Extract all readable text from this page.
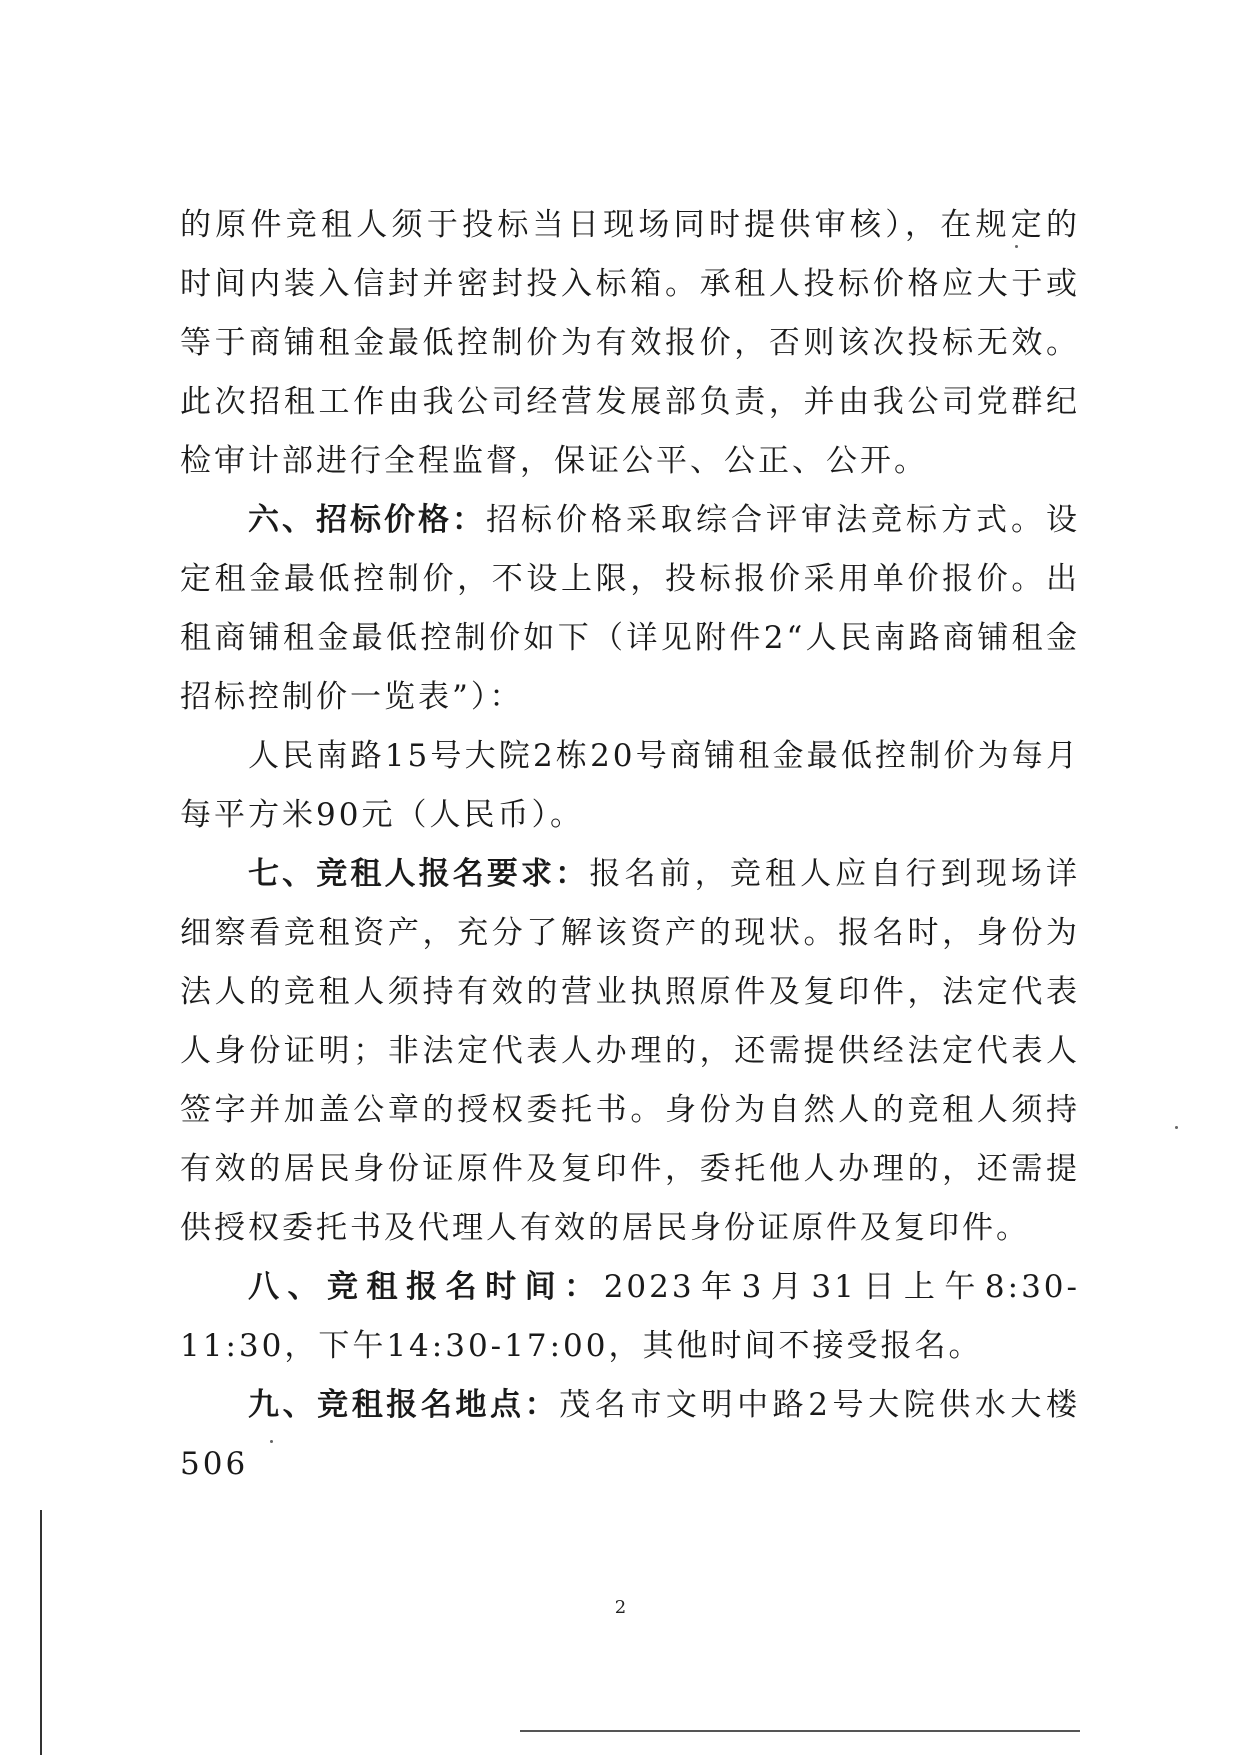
的原件竞租人须于投标当日现场同时提供审核），在规定的时间内装入信封并密封投入标箱。承租人投标价格应大于或等于商铺租金最低控制价为有效报价，否则该次投标无效。此次招租工作由我公司经营发展部负责，并由我公司党群纪检审计部进行全程监督，保证公平、公正、公开。

六、招标价格：招标价格采取综合评审法竞标方式。设定租金最低控制价，不设上限，投标报价采用单价报价。出租商铺租金最低控制价如下（详见附件2“人民南路商铺租金招标控制价一览表”）：

人民南路15号大院2栋20号商铺租金最低控制价为每月每平方米90元（人民币）。

七、竞租人报名要求：报名前，竞租人应自行到现场详细察看竞租资产，充分了解该资产的现状。报名时，身份为法人的竞租人须持有效的营业执照原件及复印件，法定代表人身份证明；非法定代表人办理的，还需提供经法定代表人签字并加盖公章的授权委托书。身份为自然人的竞租人须持有效的居民身份证原件及复印件，委托他人办理的，还需提供授权委托书及代理人有效的居民身份证原件及复印件。

八、竞租报名时间：2023年3月31日上午8:30-11:30，下午14:30-17:00，其他时间不接受报名。

九、竞租报名地点：茂名市文明中路2号大院供水大楼506

2
